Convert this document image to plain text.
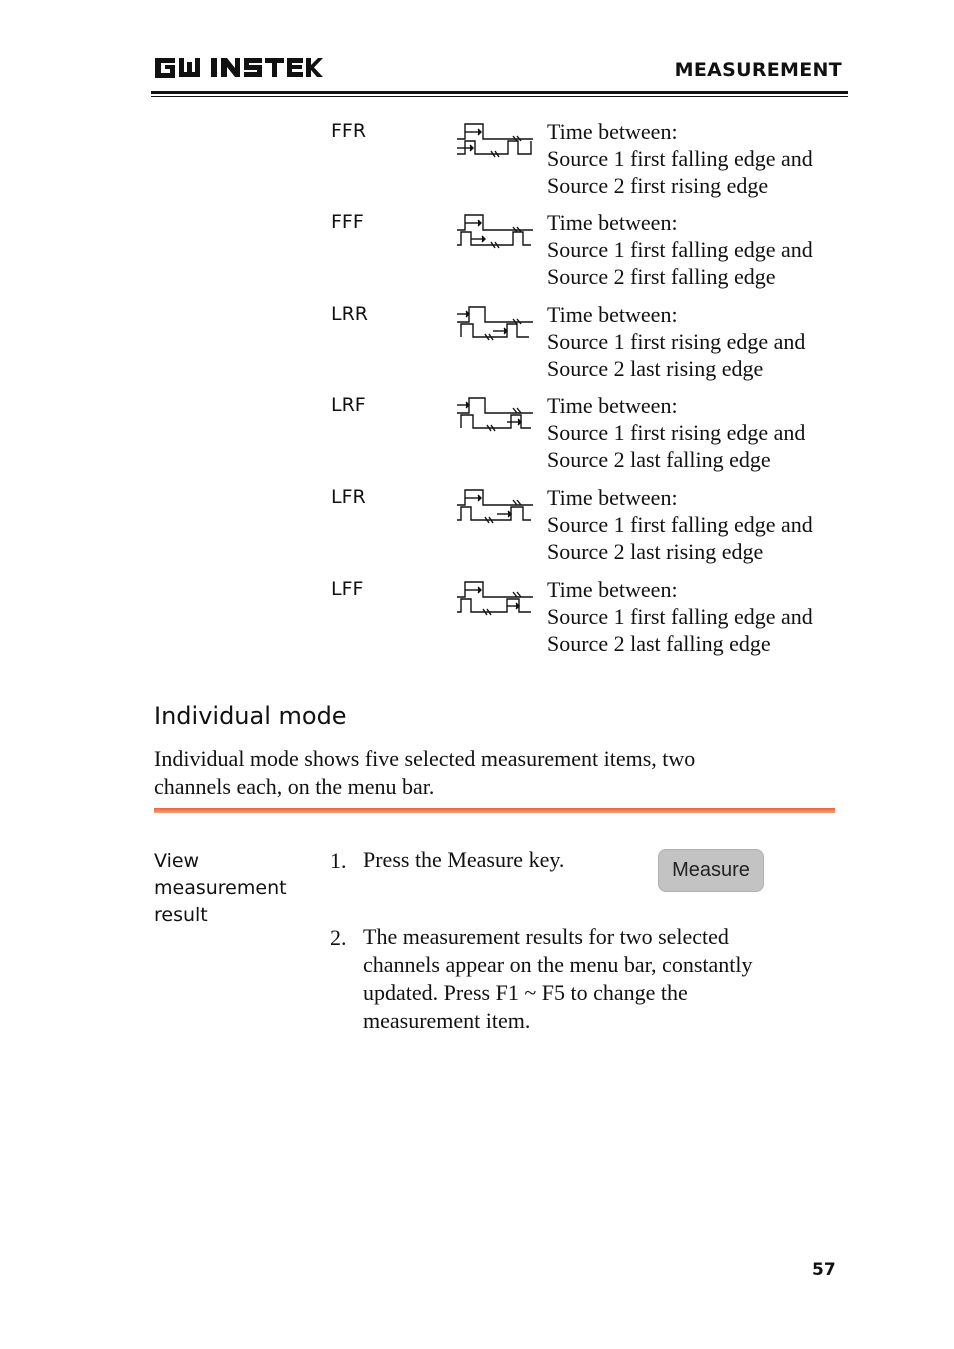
MEASUREMENT
FFR	Time between:
Source 1 first falling edge and
Source 2 first rising edge
FFF	Time between:
Source 1 first falling edge and
Source 2 first falling edge
LRR	Time between:
Source 1 first rising edge and
Source 2 last rising edge
LRF	Time between:
Source 1 first rising edge and
Source 2 last falling edge
LFR	Time between:
Source 1 first falling edge and
Source 2 last rising edge
LFF	Time between:
Source 1 first falling edge and
Source 2 last falling edge
Individual mode
Individual mode shows five selected measurement items, two
channels each, on the menu bar.
View
measurement
result
1. Press the Measure key.	Measure
2. The measurement results for two selected
channels appear on the menu bar, constantly
updated. Press F1 ~ F5 to change the
measurement item.
57
